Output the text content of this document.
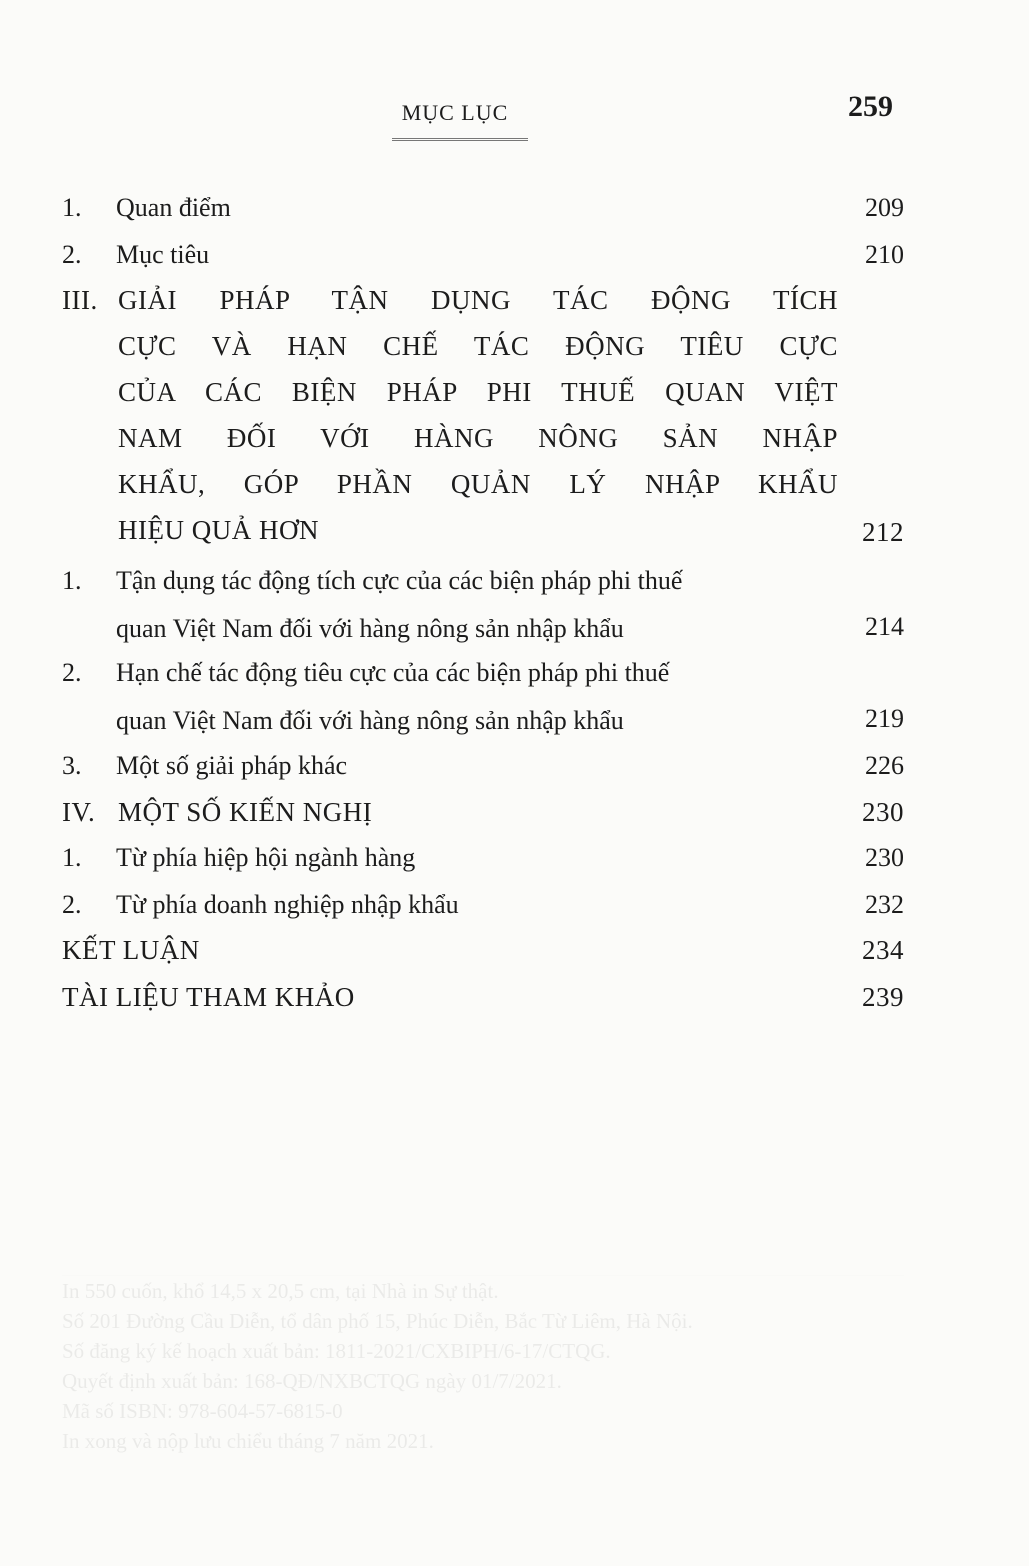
MỤC LỤC	259
1. Quan điểm	209
2. Mục tiêu	210
III. GIẢI PHÁP TẬN DỤNG TÁC ĐỘNG TÍCH
CỰC VÀ HẠN CHẾ TÁC ĐỘNG TIÊU CỰC
CỦA CÁC BIỆN PHÁP PHI THUẾ QUAN VIỆT
NAM ĐỐI VỚI HÀNG NÔNG SẢN NHẬP
KHẨU, GÓP PHẦN QUẢN LÝ NHẬP KHẨU
HIỆU QUẢ HƠN	212
1. Tận dụng tác động tích cực của các biện pháp phi thuế
quan Việt Nam đối với hàng nông sản nhập khẩu	214
2. Hạn chế tác động tiêu cực của các biện pháp phi thuế
quan Việt Nam đối với hàng nông sản nhập khẩu	219
3. Một số giải pháp khác	226
IV. MỘT SỐ KIẾN NGHỊ	230
1. Từ phía hiệp hội ngành hàng	230
2. Từ phía doanh nghiệp nhập khẩu	232
KẾT LUẬN	234
TÀI LIỆU THAM KHẢO	239
In 550 cuốn, khổ 14,5 x 20,5 cm, tại Nhà in Sự thật.
Số 201 Đường Cầu Diễn, tổ dân phố 15, Phúc Diễn, Bắc Từ Liêm, Hà Nội.
Số đăng ký kế hoạch xuất bản: 1811-2021/CXBIPH/6-17/CTQG.
Quyết định xuất bản: 168-QĐ/NXBCTQG ngày 01/7/2021.
Mã số ISBN: 978-604-57-6815-0
In xong và nộp lưu chiểu tháng 7 năm 2021.
